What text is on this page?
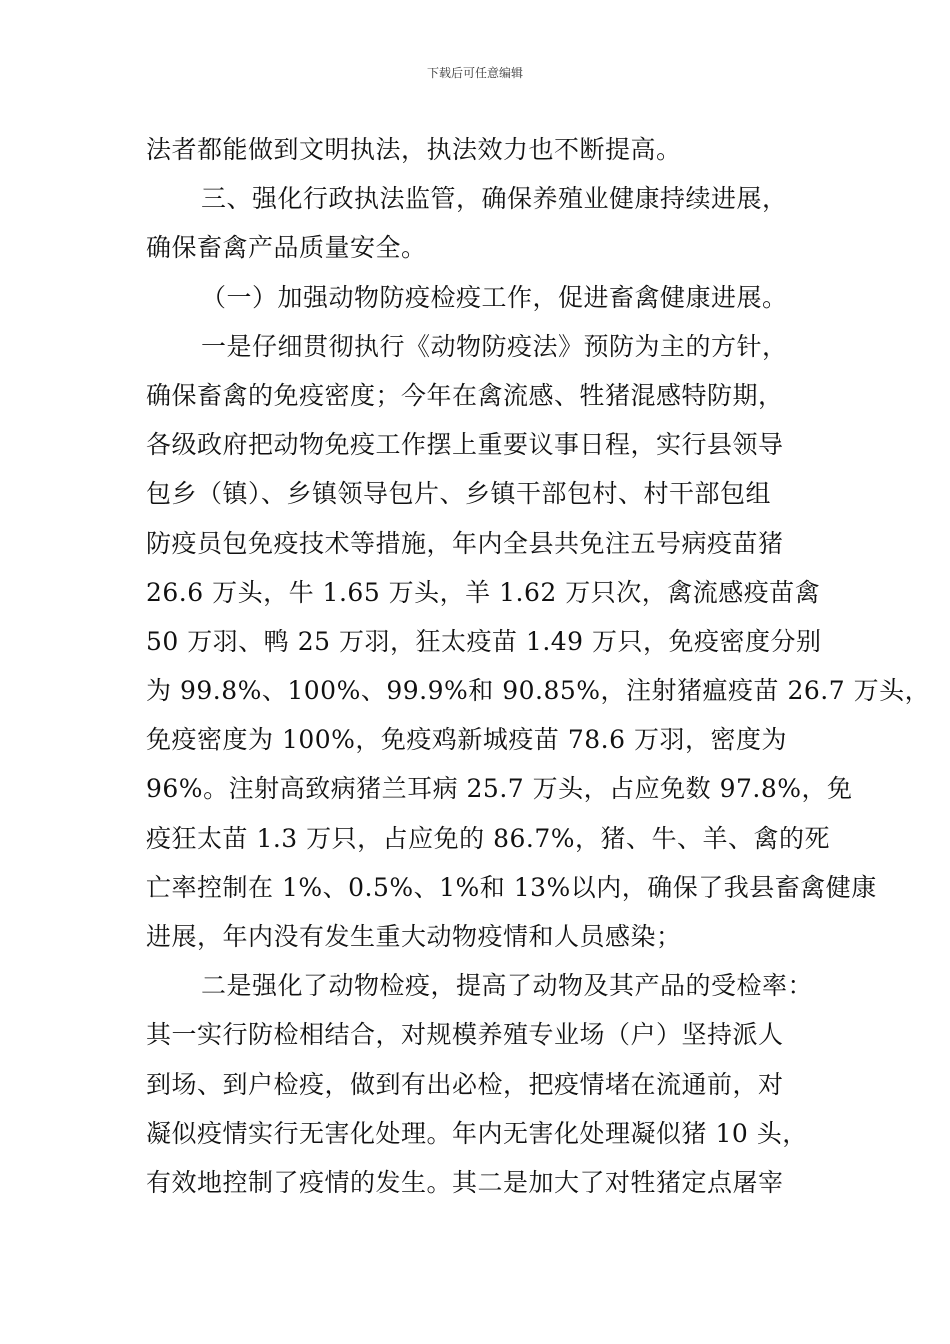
下载后可任意编辑
法者都能做到文明执法，执法效力也不断提高。
三、强化行政执法监管，确保养殖业健康持续进展，
确保畜禽产品质量安全。
（一）加强动物防疫检疫工作，促进畜禽健康进展。
一是仔细贯彻执行《动物防疫法》预防为主的方针，
确保畜禽的免疫密度；今年在禽流感、牲猪混感特防期，
各级政府把动物免疫工作摆上重要议事日程，实行县领导
包乡（镇）、乡镇领导包片、乡镇干部包村、村干部包组
防疫员包免疫技术等措施，年内全县共免注五号病疫苗猪
26.6 万头，牛 1.65 万头，羊 1.62 万只次，禽流感疫苗禽
50 万羽、鸭 25 万羽，狂太疫苗 1.49 万只，免疫密度分别
为 99.8%、100%、99.9%和 90.85%，注射猪瘟疫苗 26.7 万头，
免疫密度为 100%，免疫鸡新城疫苗 78.6 万羽，密度为
96%。注射高致病猪兰耳病 25.7 万头，占应免数 97.8%，免
疫狂太苗 1.3 万只，占应免的 86.7%，猪、牛、羊、禽的死
亡率控制在 1%、0.5%、1%和 13%以内，确保了我县畜禽健康
进展，年内没有发生重大动物疫情和人员感染；
二是强化了动物检疫，提高了动物及其产品的受检率：
其一实行防检相结合，对规模养殖专业场（户）坚持派人
到场、到户检疫，做到有出必检，把疫情堵在流通前，对
凝似疫情实行无害化处理。年内无害化处理凝似猪 10 头，
有效地控制了疫情的发生。其二是加大了对牲猪定点屠宰
